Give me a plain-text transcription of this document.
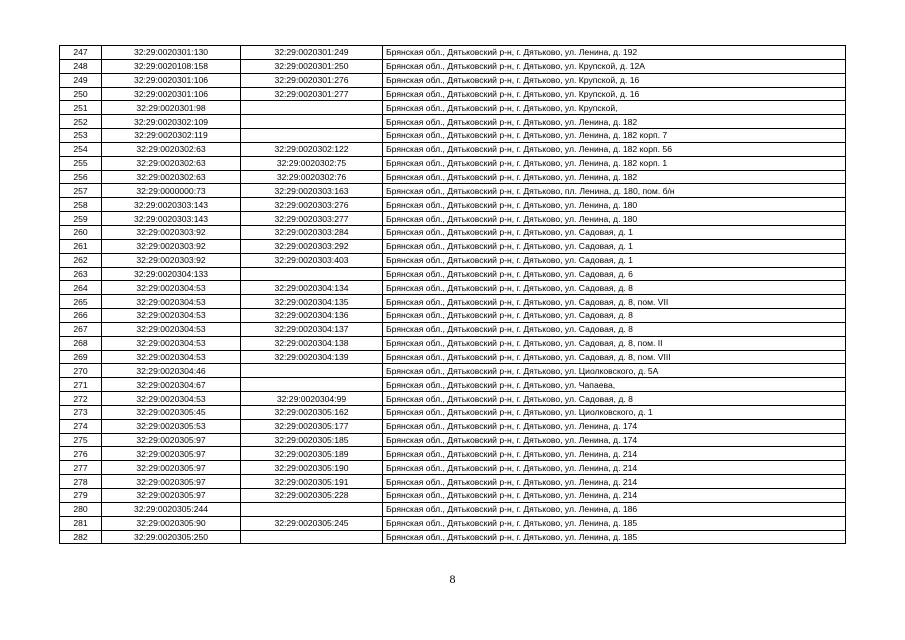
247	32:29:0020301:130	32:29:0020301:249	Брянская обл., Дятьковский р-н, г. Дятьково, ул. Ленина, д. 192
248	32:29:0020108:158	32:29:0020301:250	Брянская обл., Дятьковский р-н, г. Дятьково, ул. Крупской, д. 12А
249	32:29:0020301:106	32:29:0020301:276	Брянская обл., Дятьковский р-н, г. Дятьково, ул. Крупской, д. 16
250	32:29:0020301:106	32:29:0020301:277	Брянская обл., Дятьковский р-н, г. Дятьково, ул. Крупской, д. 16
251	32:29:0020301:98		Брянская обл., Дятьковский р-н, г. Дятьково, ул. Крупской,
252	32:29:0020302:109		Брянская обл., Дятьковский р-н, г. Дятьково, ул. Ленина, д. 182
253	32:29:0020302:119		Брянская обл., Дятьковский р-н, г. Дятьково, ул. Ленина, д. 182 корп. 7
254	32:29:0020302:63	32:29:0020302:122	Брянская обл., Дятьковский р-н, г. Дятьково, ул. Ленина, д. 182 корп. 56
255	32:29:0020302:63	32:29:0020302:75	Брянская обл., Дятьковский р-н, г. Дятьково, ул. Ленина, д. 182 корп. 1
256	32:29:0020302:63	32:29:0020302:76	Брянская обл., Дятьковский р-н, г. Дятьково, ул. Ленина, д. 182
257	32:29:0000000:73	32:29:0020303:163	Брянская обл., Дятьковский р-н, г. Дятьково, пл. Ленина, д. 180, пом. б/н
258	32:29:0020303:143	32:29:0020303:276	Брянская обл., Дятьковский р-н, г. Дятьково, ул. Ленина, д. 180
259	32:29:0020303:143	32:29:0020303:277	Брянская обл., Дятьковский р-н, г. Дятьково, ул. Ленина, д. 180
260	32:29:0020303:92	32:29:0020303:284	Брянская обл., Дятьковский р-н, г. Дятьково, ул. Садовая, д. 1
261	32:29:0020303:92	32:29:0020303:292	Брянская обл., Дятьковский р-н, г. Дятьково, ул. Садовая, д. 1
262	32:29:0020303:92	32:29:0020303:403	Брянская обл., Дятьковский р-н, г. Дятьково, ул. Садовая, д. 1
263	32:29:0020304:133		Брянская обл., Дятьковский р-н, г. Дятьково, ул. Садовая, д. 6
264	32:29:0020304:53	32:29:0020304:134	Брянская обл., Дятьковский р-н, г. Дятьково, ул. Садовая, д. 8
265	32:29:0020304:53	32:29:0020304:135	Брянская обл., Дятьковский р-н, г. Дятьково, ул. Садовая, д. 8, пом. VII
266	32:29:0020304:53	32:29:0020304:136	Брянская обл., Дятьковский р-н, г. Дятьково, ул. Садовая, д. 8
267	32:29:0020304:53	32:29:0020304:137	Брянская обл., Дятьковский р-н, г. Дятьково, ул. Садовая, д. 8
268	32:29:0020304:53	32:29:0020304:138	Брянская обл., Дятьковский р-н, г. Дятьково, ул. Садовая, д. 8, пом. II
269	32:29:0020304:53	32:29:0020304:139	Брянская обл., Дятьковский р-н, г. Дятьково, ул. Садовая, д. 8, пом. VIII
270	32:29:0020304:46		Брянская обл., Дятьковский р-н, г. Дятьково, ул. Циолковского, д. 5А
271	32:29:0020304:67		Брянская обл., Дятьковский р-н, г. Дятьково, ул. Чапаева,
272	32:29:0020304:53	32:29:0020304:99	Брянская обл., Дятьковский р-н, г. Дятьково, ул. Садовая, д. 8
273	32:29:0020305:45	32:29:0020305:162	Брянская обл., Дятьковский р-н, г. Дятьково, ул. Циолковского, д. 1
274	32:29:0020305:53	32:29:0020305:177	Брянская обл., Дятьковский р-н, г. Дятьково, ул. Ленина, д. 174
275	32:29:0020305:97	32:29:0020305:185	Брянская обл., Дятьковский р-н, г. Дятьково, ул. Ленина, д. 174
276	32:29:0020305:97	32:29:0020305:189	Брянская обл., Дятьковский р-н, г. Дятьково, ул. Ленина, д. 214
277	32:29:0020305:97	32:29:0020305:190	Брянская обл., Дятьковский р-н, г. Дятьково, ул. Ленина, д. 214
278	32:29:0020305:97	32:29:0020305:191	Брянская обл., Дятьковский р-н, г. Дятьково, ул. Ленина, д. 214
279	32:29:0020305:97	32:29:0020305:228	Брянская обл., Дятьковский р-н, г. Дятьково, ул. Ленина, д. 214
280	32:29:0020305:244		Брянская обл., Дятьковский р-н, г. Дятьково, ул. Ленина, д. 186
281	32:29:0020305:90	32:29:0020305:245	Брянская обл., Дятьковский р-н, г. Дятьково, ул. Ленина, д. 185
282	32:29:0020305:250		Брянская обл., Дятьковский р-н, г. Дятьково, ул. Ленина, д. 185
8
